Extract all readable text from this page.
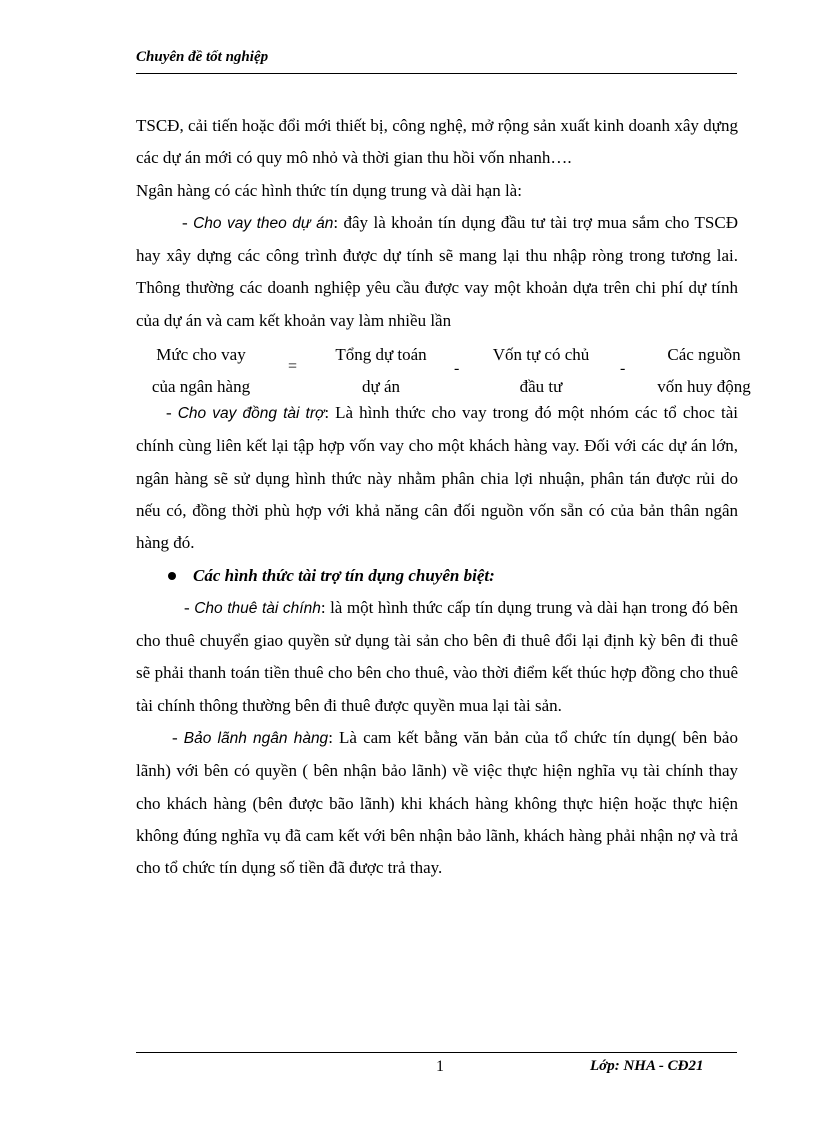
Chuyên đề tốt nghiệp

TSCĐ, cải tiến hoặc đổi mới thiết bị, công nghệ, mở rộng sản xuất kinh doanh xây dựng các dự án mới có quy mô nhỏ và thời gian thu hồi vốn nhanh….

Ngân hàng có các hình thức tín dụng trung và dài hạn là:

- Cho vay theo dự án: đây là khoản tín dụng đầu tư tài trợ mua sắm cho TSCĐ hay xây dựng các công trình được dự tính sẽ mang lại thu nhập ròng trong tương lai. Thông thường các doanh nghiệp yêu cầu được vay một khoản dựa trên chi phí dự tính của dự án và cam kết khoản vay làm nhiều lần

Mức cho vay
của ngân hàng
=
Tổng dự toán
dự án
-
Vốn tự có chủ
đầu tư
-
Các nguồn
vốn huy động

- Cho vay đồng tài trợ: Là hình thức cho vay trong đó một nhóm các tổ choc tài chính cùng liên kết lại tập hợp vốn vay cho một khách hàng vay. Đối với các dự án lớn, ngân hàng sẽ sử dụng hình thức này nhằm phân chia lợi nhuận, phân tán được rủi do nếu có, đồng thời phù hợp với khả năng cân đối nguồn vốn sẵn có của bản thân ngân hàng đó.

Các hình thức tài trợ tín dụng chuyên biệt:

- Cho thuê tài chính: là một hình thức cấp tín dụng trung và dài hạn trong đó bên cho thuê chuyển giao quyền sử dụng tài sản cho bên đi thuê đổi lại định kỳ bên đi thuê sẽ phải thanh toán tiền thuê cho bên cho thuê, vào thời điểm kết thúc hợp đồng cho thuê tài chính thông thường bên đi thuê được quyền mua lại tài sản.

- Bảo lãnh ngân hàng: Là cam kết bằng văn bản của tổ chức tín dụng( bên bảo lãnh) với bên có quyền ( bên nhận bảo lãnh) về việc thực hiện nghĩa vụ tài chính thay cho khách hàng (bên được bão lãnh) khi khách hàng không thực hiện hoặc thực hiện không đúng nghĩa vụ đã cam kết với bên nhận bảo lãnh, khách hàng phải nhận nợ và trả cho tổ chức tín dụng số tiền đã được trả thay.

1	Lớp: NHA - CĐ21
